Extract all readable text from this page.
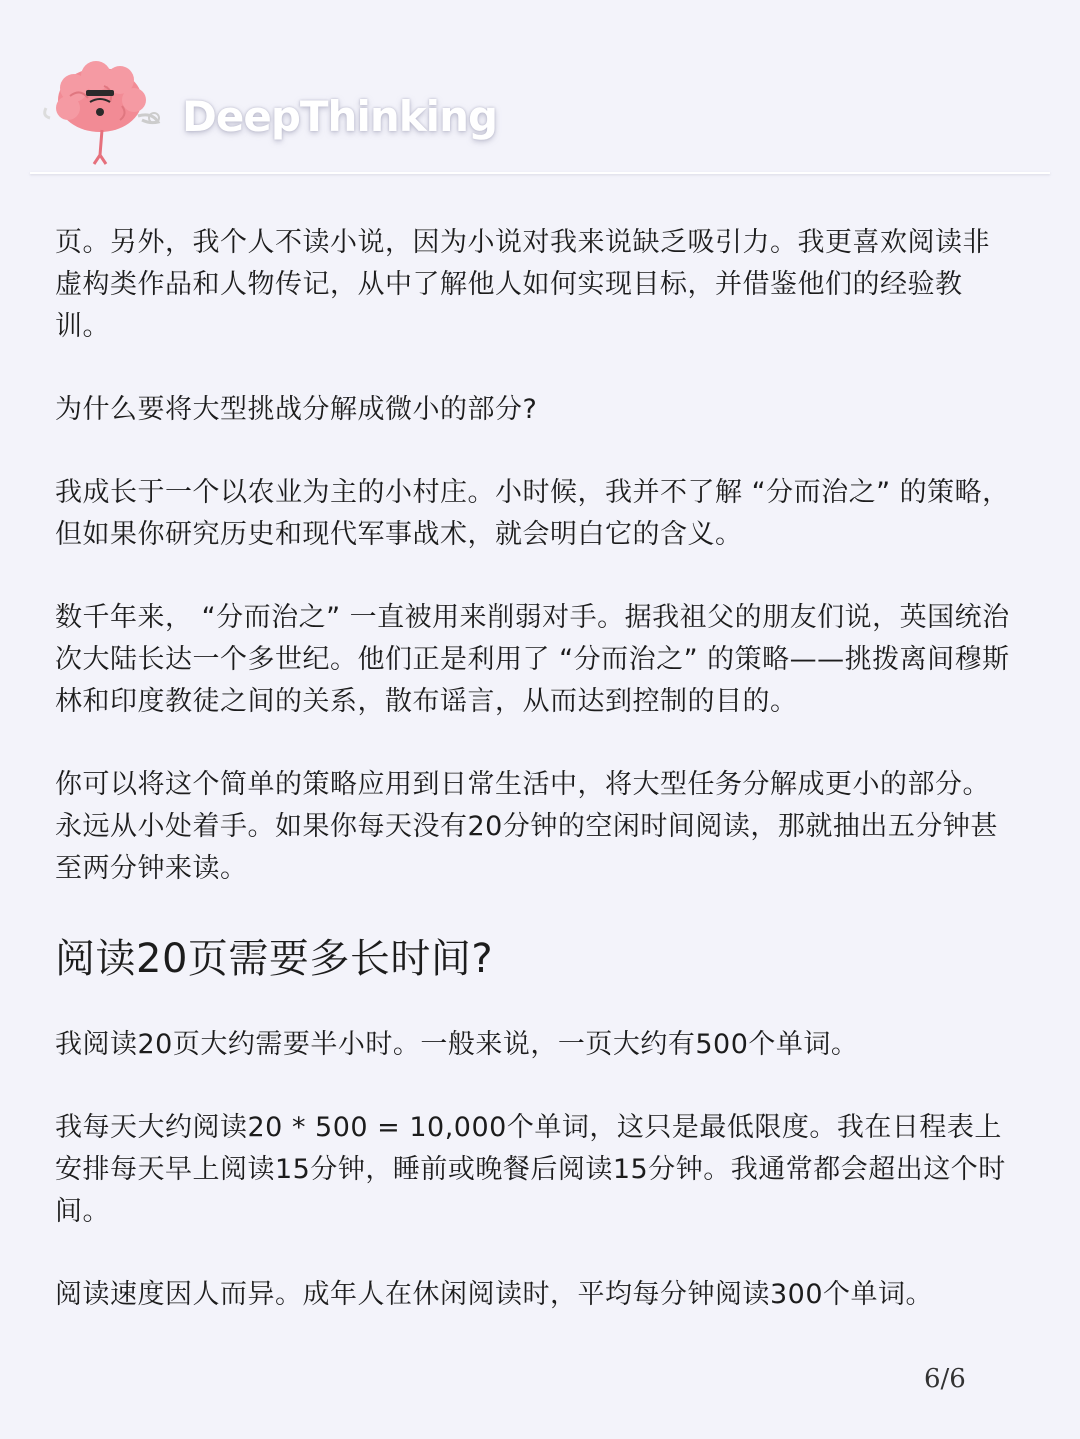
DeepThinking

页。另外，我个人不读小说，因为小说对我来说缺乏吸引力。我更喜欢阅读非虚构类作品和人物传记，从中了解他人如何实现目标，并借鉴他们的经验教训。

为什么要将大型挑战分解成微小的部分?

我成长于一个以农业为主的小村庄。小时候，我并不了解 “分而治之” 的策略，但如果你研究历史和现代军事战术，就会明白它的含义。

数千年来， “分而治之” 一直被用来削弱对手。据我祖父的朋友们说，英国统治次大陆长达一个多世纪。他们正是利用了 “分而治之” 的策略——挑拨离间穆斯林和印度教徒之间的关系，散布谣言，从而达到控制的目的。

你可以将这个简单的策略应用到日常生活中，将大型任务分解成更小的部分。永远从小处着手。如果你每天没有20分钟的空闲时间阅读，那就抽出五分钟甚至两分钟来读。

阅读20页需要多长时间?

我阅读20页大约需要半小时。一般来说，一页大约有500个单词。

我每天大约阅读20 * 500 = 10,000个单词，这只是最低限度。我在日程表上安排每天早上阅读15分钟，睡前或晚餐后阅读15分钟。我通常都会超出这个时间。

阅读速度因人而异。成年人在休闲阅读时，平均每分钟阅读300个单词。

6/6
